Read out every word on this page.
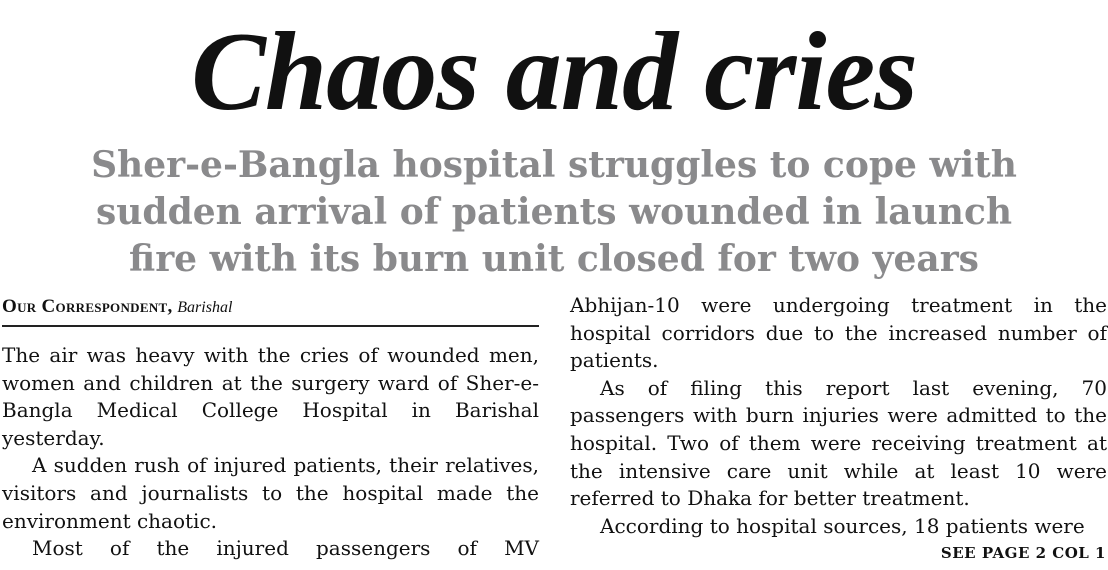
Chaos and cries
Sher-e-Bangla hospital struggles to cope with
sudden arrival of patients wounded in launch
fire with its burn unit closed for two years
Our Correspondent, Barishal

The air was heavy with the cries of wounded men, women and children at the surgery ward of Sher-e-Bangla Medical College Hospital in Barishal yesterday.

A sudden rush of injured patients, their relatives, visitors and journalists to the hospital made the environment chaotic.

Most of the injured passengers of MV

Abhijan-10 were undergoing treatment in the hospital corridors due to the increased number of patients.

As of filing this report last evening, 70 passengers with burn injuries were admitted to the hospital. Two of them were receiving treatment at the intensive care unit while at least 10 were referred to Dhaka for better treatment.

According to hospital sources, 18 patients were

SEE PAGE 2 COL 1
